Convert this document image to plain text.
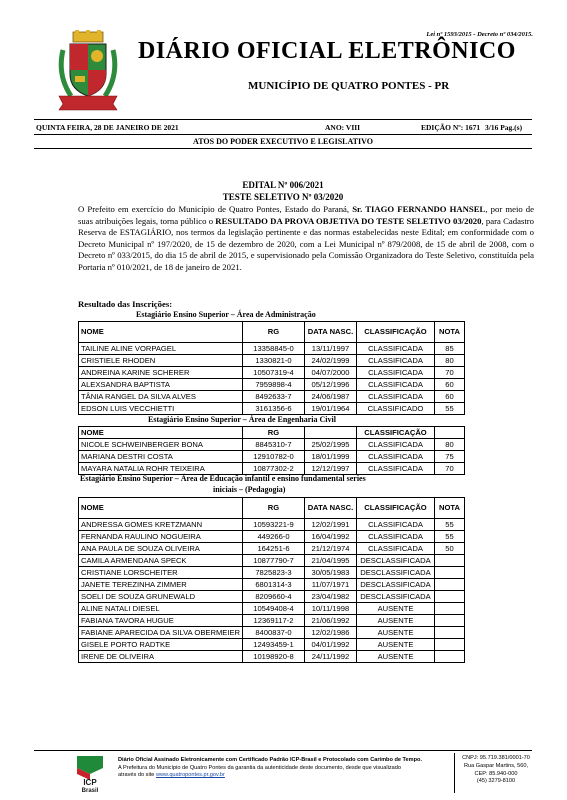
Lei nº 1593/2015 - Decreto nº 034/2015.
DIÁRIO OFICIAL ELETRÔNICO
MUNICÍPIO DE QUATRO PONTES - PR
QUINTA FEIRA, 28 DE JANEIRO DE 2021	ANO: VIII	EDIÇÃO Nº: 1671 3/16 Pag.(s)
ATOS DO PODER EXECUTIVO E LEGISLATIVO
EDITAL Nº 006/2021
TESTE SELETIVO Nº 03/2020

O Prefeito em exercício do Município de Quatro Pontes, Estado do Paraná, Sr. TIAGO FERNANDO HANSEL, por meio de suas atribuições legais, torna público o RESULTADO DA PROVA OBJETIVA DO TESTE SELETIVO 03/2020, para Cadastro Reserva de ESTAGIÁRIO, nos termos da legislação pertinente e das normas estabelecidas neste Edital; em conformidade com o Decreto Municipal nº 197/2020, de 15 de dezembro de 2020, com a Lei Municipal nº 879/2008, de 15 de abril de 2008, com o Decreto nº 033/2015, do dia 15 de abril de 2015, e supervisionado pela Comissão Organizadora do Teste Seletivo, constituída pela Portaria nº 010/2021, de 18 de janeiro de 2021.

Resultado das Inscrições:
Estagiário Ensino Superior – Área de Administração
NOME	RG	DATA NASC.	CLASSIFICAÇÃO	NOTA
TAILINE ALINE VORPAGEL	13358845-0	13/11/1997	CLASSIFICADA	85
CRISTIELE RHODEN	1330821-0	24/02/1999	CLASSIFICADA	80
ANDREINA KARINE SCHERER	10507319-4	04/07/2000	CLASSIFICADA	70
ALEXSANDRA BAPTISTA	7959898-4	05/12/1996	CLASSIFICADA	60
TÂNIA RANGEL DA SILVA ALVES	8492633-7	24/06/1987	CLASSIFICADA	60
EDSON LUIS VECCHIETTI	3161356-6	19/01/1964	CLASSIFICADO	55
Estagiário Ensino Superior – Área de Engenharia Civil
NOME	RG		CLASSIFICAÇÃO	
NICOLE SCHWEINBERGER BONA	8845310-7	25/02/1995	CLASSIFICADA	80
MARIANA DESTRI COSTA	12910782-0	18/01/1999	CLASSIFICADA	75
MAYARA NATALIA ROHR TEIXEIRA	10877302-2	12/12/1997	CLASSIFICADA	70
Estagiário Ensino Superior – Área de Educação infantil e ensino fundamental series
iniciais – (Pedagogia)
NOME	RG	DATA NASC.	CLASSIFICAÇÃO	NOTA
ANDRESSA GOMES KRETZMANN	10593221-9	12/02/1991	CLASSIFICADA	55
FERNANDA RAULINO NOGUEIRA	449266-0	16/04/1992	CLASSIFICADA	55
ANA PAULA DE SOUZA OLIVEIRA	164251-6	21/12/1974	CLASSIFICADA	50
CAMILA ARMENDANA SPECK	10877790-7	21/04/1995	DESCLASSIFICADA	
CRISTIANE LORSCHEITER	7825823-3	30/05/1983	DESCLASSIFICADA	
JANETE TEREZINHA ZIMMER	6801314-3	11/07/1971	DESCLASSIFICADA	
SOELI DE SOUZA GRUNEWALD	8209660-4	23/04/1982	DESCLASSIFICADA	
ALINE NATALI DIESEL	10549408-4	10/11/1998	AUSENTE	
FABIANA TAVORA HUGUE	12369117-2	21/06/1992	AUSENTE	
FABIANE APARECIDA DA SILVA OBERMEIER	8400837-0	12/02/1986	AUSENTE	
GISELE PORTO RADTKE	12493459-1	04/01/1992	AUSENTE	
IRENE DE OLIVEIRA	10198920-8	24/11/1992	AUSENTE	
ICP
Brasil
Diário Oficial Assinado Eletronicamente com Certificado Padrão ICP-Brasil e Protocolado com Carimbo de Tempo.
A Prefeitura do Município de Quatro Pontes da garantia da autenticidade deste documento, desde que visualizado
através do site www.quatropontes.pr.gov.br
CNPJ: 95.719.381/0001-70
Rua Gaspar Martins, 560,
CEP: 85.940-000
(45) 3279-8100
